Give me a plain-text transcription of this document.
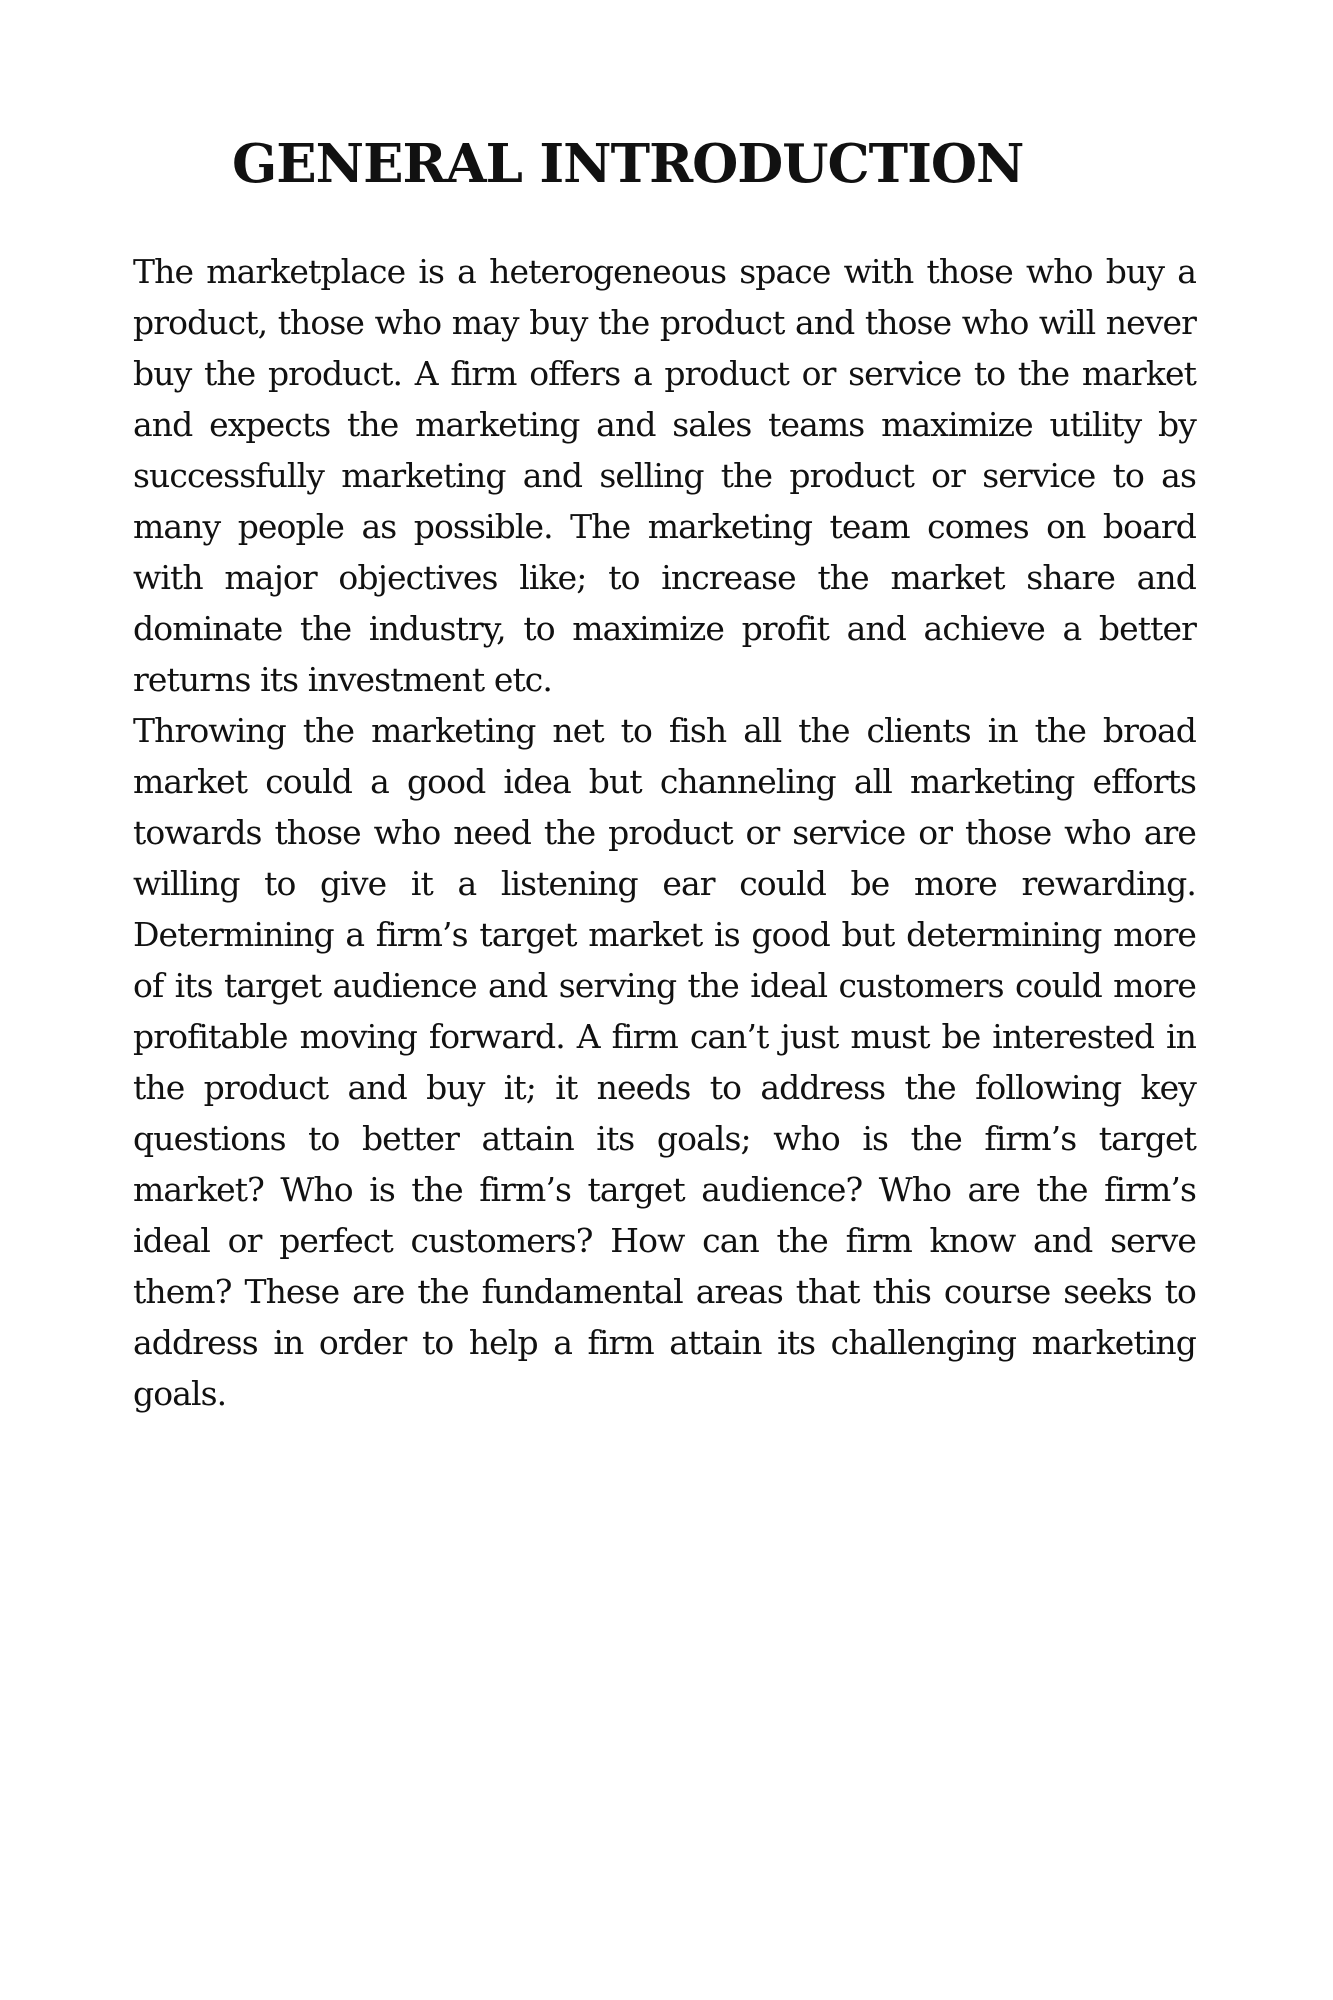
GENERAL INTRODUCTION

The marketplace is a heterogeneous space with those who buy a product, those who may buy the product and those who will never buy the product. A firm offers a product or service to the market and expects the marketing and sales teams maximize utility by successfully marketing and selling the product or service to as many people as possible. The marketing team comes on board with major objectives like; to increase the market share and dominate the industry, to maximize profit and achieve a better returns its investment etc.

Throwing the marketing net to fish all the clients in the broad market could a good idea but channeling all marketing efforts towards those who need the product or service or those who are willing to give it a listening ear could be more rewarding. Determining a firm’s target market is good but determining more of its target audience and serving the ideal customers could more profitable moving forward. A firm can’t just must be interested in the product and buy it; it needs to address the following key questions to better attain its goals; who is the firm’s target market? Who is the firm’s target audience? Who are the firm’s ideal or perfect customers? How can the firm know and serve them? These are the fundamental areas that this course seeks to address in order to help a firm attain its challenging marketing goals.
